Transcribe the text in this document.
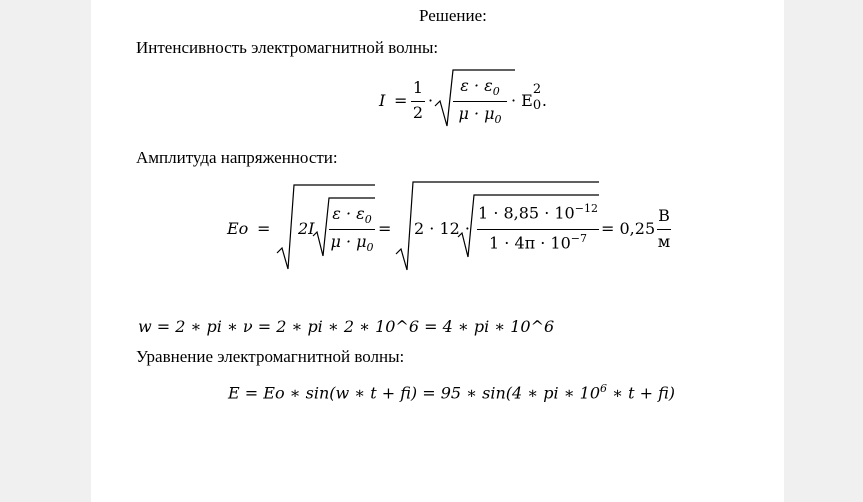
Решение:
Интенсивность электромагнитной волны:
I =
1
2
·
$\varepsilon \cdot \varepsilon_0$
$\mu \cdot \mu_0$
· E
2
0 .
Амплитуда напряженности:
Eo = 2I
$\varepsilon \cdot \varepsilon_0$
$\mu \cdot \mu_0$
= 2 · 12 ·
$1 \cdot 8,85 \cdot 10^{-12}$
$1 \cdot 4\pi \cdot 10^{-7}$
= 0,25
В
м
w = 2 ∗ pi ∗ ν = 2 ∗ pi ∗ 2 ∗ 10^6 = 4 ∗ pi ∗ 10^6
Уравнение электромагнитной волны:
E = Eo ∗ sin(w ∗ t + fi) = 95 ∗ sin(4 ∗ pi ∗ $10^6$ ∗ t + fi)
